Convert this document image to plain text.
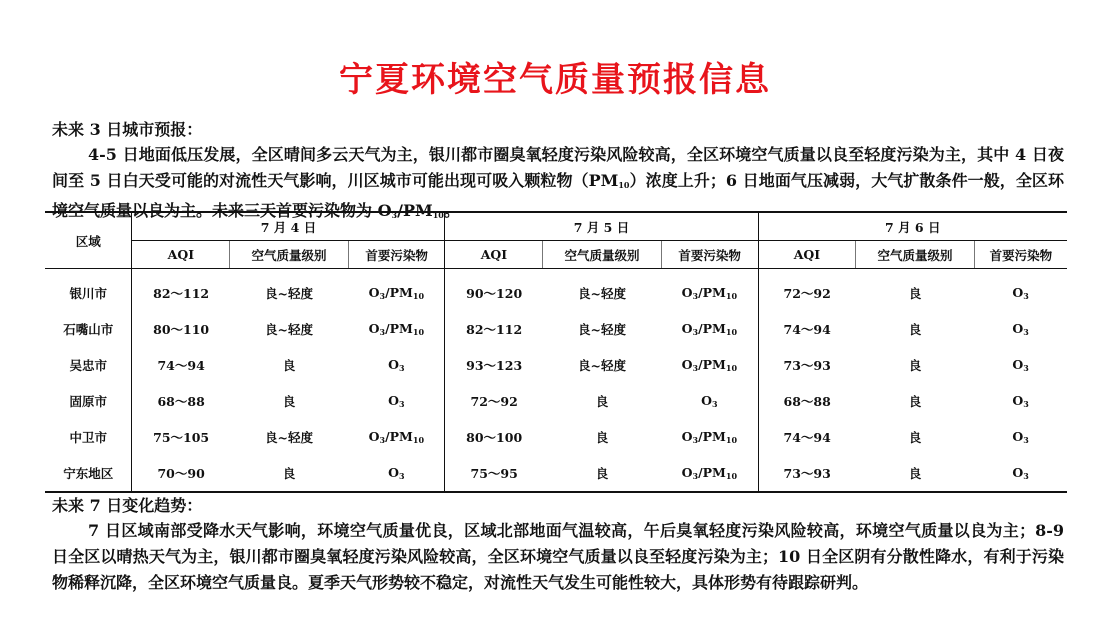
宁夏环境空气质量预报信息
未来 3 日城市预报：
4-5 日地面低压发展，全区晴间多云天气为主，银川都市圈臭氧轻度污染风险较高，全区环境空气质量以良至轻度污染为主，其中 4 日夜间至 5 日白天受可能的对流性天气影响，川区城市可能出现可吸入颗粒物$(PM_{10})$浓度上升；6 日地面气压减弱，大气扩散条件一般，全区环境空气质量以良为主。未来三天首要污染物为 $O_3/PM_{10}$。
区域	7 月 4 日			7 月 5 日			7 月 6 日		
	AQI	空气质量级别	首要污染物	AQI	空气质量级别	首要污染物	AQI	空气质量级别	首要污染物
银川市	82～112	良~轻度	$O_3/PM_{10}$	90～120	良~轻度	$O_3/PM_{10}$	72～92	良	$O_3$
石嘴山市	80～110	良~轻度	$O_3/PM_{10}$	82～112	良~轻度	$O_3/PM_{10}$	74～94	良	$O_3$
吴忠市	74～94	良	$O_3$	93～123	良~轻度	$O_3/PM_{10}$	73～93	良	$O_3$
固原市	68～88	良	$O_3$	72～92	良	$O_3$	68～88	良	$O_3$
中卫市	75～105	良~轻度	$O_3/PM_{10}$	80～100	良	$O_3/PM_{10}$	74～94	良	$O_3$
宁东地区	70～90	良	$O_3$	75～95	良	$O_3/PM_{10}$	73～93	良	$O_3$
未来 7 日变化趋势：
7 日区域南部受降水天气影响，环境空气质量优良，区域北部地面气温较高，午后臭氧轻度污染风险较高，环境空气质量以良为主；8-9 日全区以晴热天气为主，银川都市圈臭氧轻度污染风险较高，全区环境空气质量以良至轻度污染为主；10 日全区阴有分散性降水，有利于污染物稀释沉降，全区环境空气质量良。夏季天气形势较不稳定，对流性天气发生可能性较大，具体形势有待跟踪研判。
